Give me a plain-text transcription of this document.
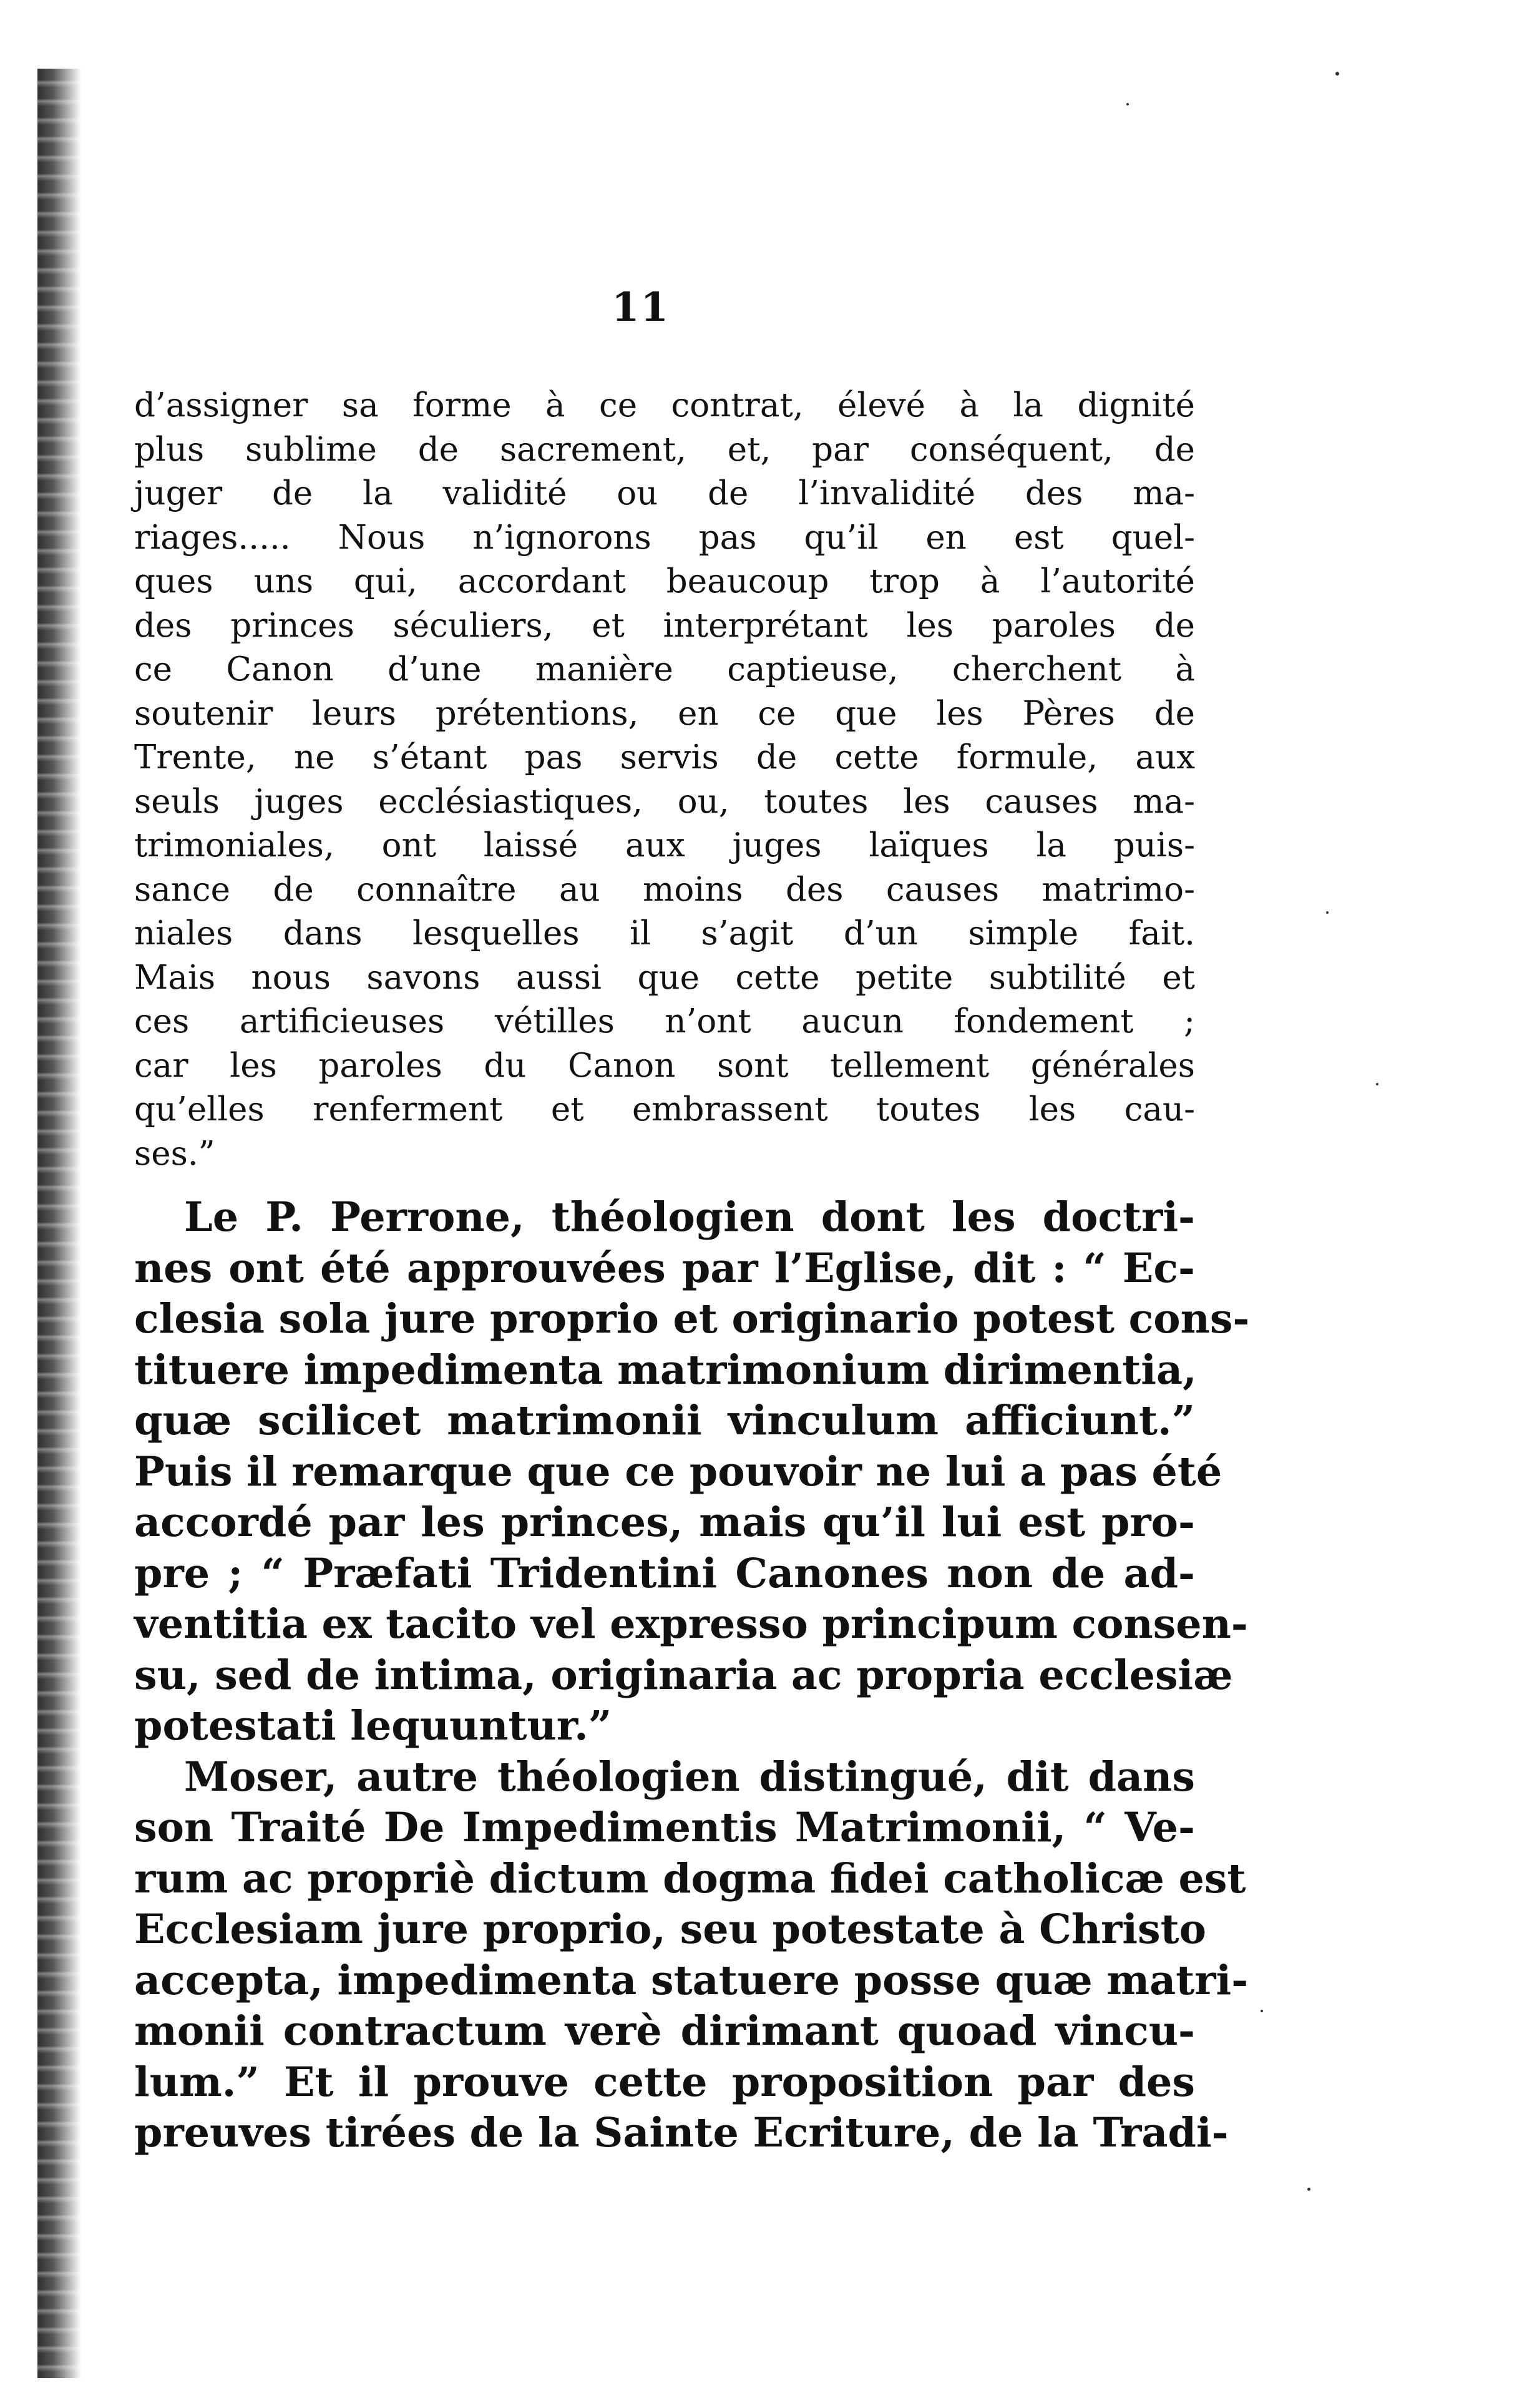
11
d’assigner sa forme à ce contrat, élevé à la dignité
plus sublime de sacrement, et, par conséquent, de
juger de la validité ou de l’invalidité des ma-
riages..... Nous n’ignorons pas qu’il en est quel-
ques uns qui, accordant beaucoup trop à l’autorité
des princes séculiers, et interprétant les paroles de
ce Canon d’une manière captieuse, cherchent à
soutenir leurs prétentions, en ce que les Pères de
Trente, ne s’étant pas servis de cette formule, aux
seuls juges ecclésiastiques, ou, toutes les causes ma-
trimoniales, ont laissé aux juges laïques la puis-
sance de connaître au moins des causes matrimo-
niales dans lesquelles il s’agit d’un simple fait.
Mais nous savons aussi que cette petite subtilité et
ces artificieuses vétilles n’ont aucun fondement ;
car les paroles du Canon sont tellement générales
qu’elles renferment et embrassent toutes les cau-
ses.”
Le P. Perrone, théologien dont les doctri-
nes ont été approuvées par l’Eglise, dit : “ Ec-
clesia sola jure proprio et originario potest cons-
tituere impedimenta matrimonium dirimentia,
quæ scilicet matrimonii vinculum afficiunt.”
Puis il remarque que ce pouvoir ne lui a pas été
accordé par les princes, mais qu’il lui est pro-
pre ; “ Præfati Tridentini Canones non de ad-
ventitia ex tacito vel expresso principum consen-
su, sed de intima, originaria ac propria ecclesiæ
potestati lequuntur.”
Moser, autre théologien distingué, dit dans
son Traité De Impedimentis Matrimonii, “ Ve-
rum ac propriè dictum dogma fidei catholicæ est
Ecclesiam jure proprio, seu potestate à Christo
accepta, impedimenta statuere posse quæ matri-
monii contractum verè dirimant quoad vincu-
lum.” Et il prouve cette proposition par des
preuves tirées de la Sainte Ecriture, de la Tradi-
